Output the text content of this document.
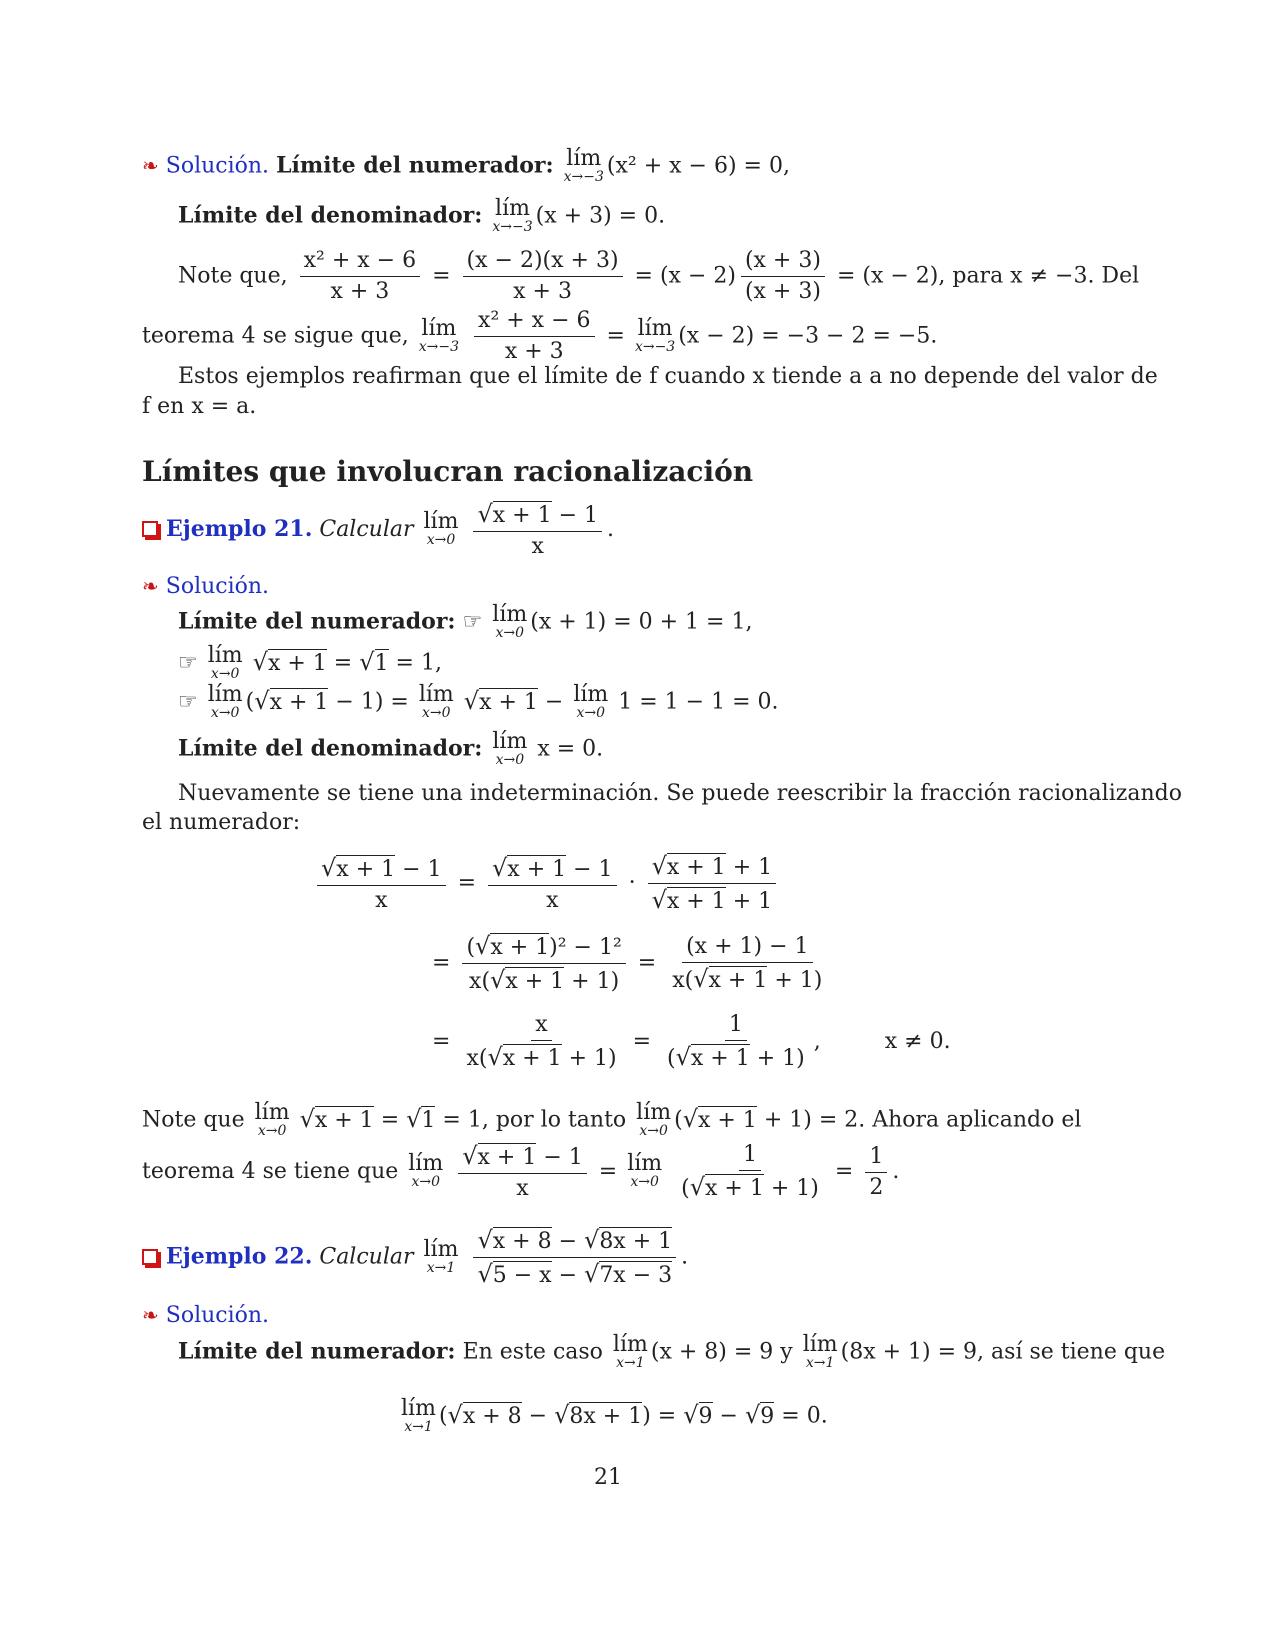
❧ Solución. Límite del numerador: lím
x→−3 (x² + x − 6) = 0,
Límite del denominador: lím
x→−3 (x + 3) = 0.
Note que, $\frac{\text{x² + x − 6}}{x + 3} = \frac{(x - 2)(x + 3)}{x + 3} = (x - 2) \frac{(x + 3)}{(x + 3)} = (x - 2)$, para x ≠ −3. Del
teorema 4 se sigue que, lím
x→−3
$\frac{\text{x² + x − 6}}{x + 3}$ = lím
x→−3 (x − 2) = −3 − 2 = −5.
Estos ejemplos reafirman que el límite de f cuando x tiende a a no depende del valor de
f en x = a.
Límites que involucran racionalización
Ejemplo 21. Calcular lím
x→0
$\frac{√x + 1 - 1}{x}$ .
❧ Solución.
Límite del numerador: ☞ lím
x→0 (x + 1) = 0 + 1 = 1,
☞ lím
x→0 √x + 1 = √1 = 1,
☞ lím
x→0 (√x + 1 − 1) = lím
x→0 √x + 1 − lím
x→0 1 = 1 − 1 = 0.
Límite del denominador: lím
x→0 x = 0.
Nuevamente se tiene una indeterminación. Se puede reescribir la fracción racionalizando
el numerador:
$\frac{√x + 1 - 1}{x} = \frac{√x + 1 - 1}{x} \cdot \frac{√x + 1 + 1}{√x + 1 + 1}$
= $\frac{\text{(√x + 1)² − 1²}}{x(√x + 1 + 1)} = \frac{(x + 1) - 1}{x(√x + 1 + 1)}$
= $\frac{x}{x(√x + 1 + 1)} = \frac{1}{(√x + 1 + 1)}$ ,	x ≠ 0.
Note que lím
x→0 √x + 1 = √1 = 1, por lo tanto lím
x→0 (√x + 1 + 1) = 2. Ahora aplicando el
teorema 4 se tiene que lím
x→0
$\frac{√x + 1 - 1}{x}$ = lím
x→0
$\frac{1}{(√x + 1 + 1)} = \frac{1}{2}$ .
Ejemplo 22. Calcular lím
x→1
$\frac{√x + 8 - √8x + 1}{√5 - x - √7x - 3}$ .
❧ Solución.
Límite del numerador: En este caso lím
x→1 (x + 8) = 9 y lím
x→1 (8x + 1) = 9, así se tiene que
lím
x→1 (√x + 8 − √8x + 1) = √9 − √9 = 0.
21
